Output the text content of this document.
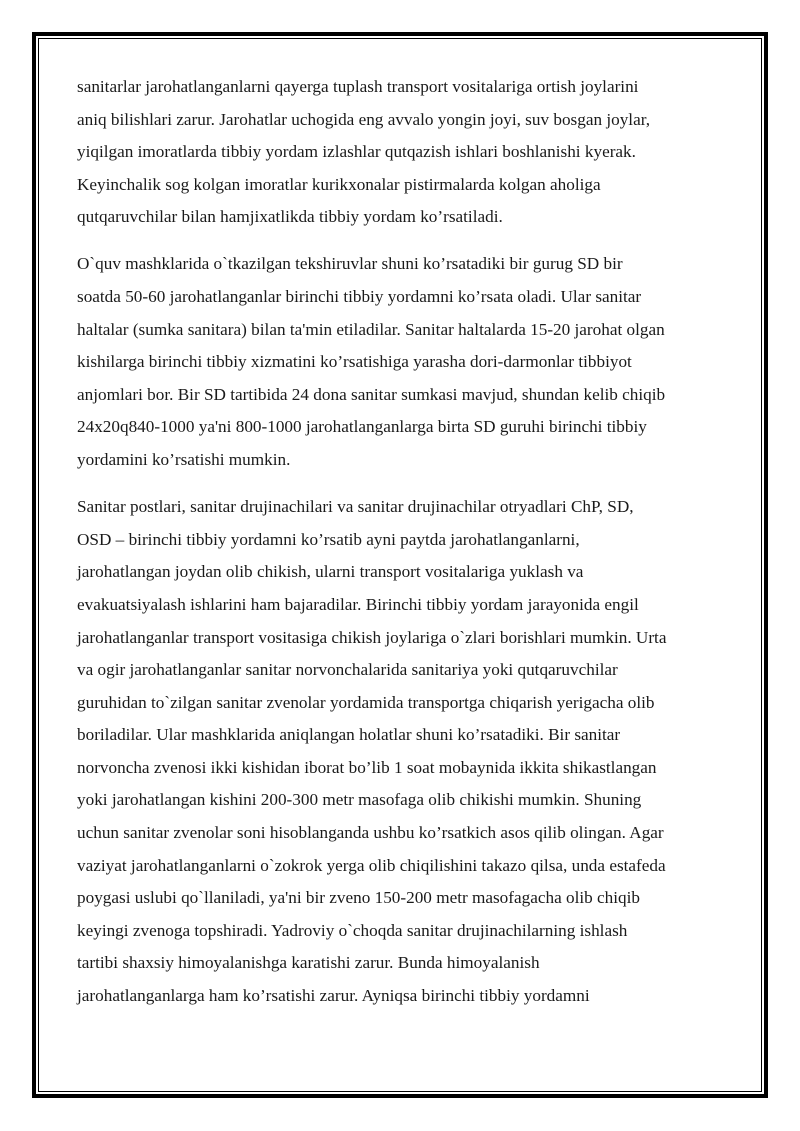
sanitarlar jarohatlanganlarni qayerga tuplash transport vositalariga ortish joylarini
aniq bilishlari zarur. Jarohatlar uchogida eng avvalo yongin joyi, suv bosgan joylar,
yiqilgan imoratlarda tibbiy yordam izlashlar qutqazish ishlari boshlanishi kyerak.
Keyinchalik sog kolgan imoratlar kurikxonalar pistirmalarda kolgan aholiga
qutqaruvchilar bilan hamjixatlikda tibbiy yordam ko’rsatiladi.

O`quv mashklarida o`tkazilgan tekshiruvlar shuni ko’rsatadiki bir gurug SD bir
soatda 50-60 jarohatlanganlar birinchi tibbiy yordamni ko’rsata oladi. Ular sanitar
haltalar (sumka sanitara) bilan ta'min etiladilar. Sanitar haltalarda 15-20 jarohat olgan
kishilarga birinchi tibbiy xizmatini ko’rsatishiga yarasha dori-darmonlar tibbiyot
anjomlari bor. Bir SD tartibida 24 dona sanitar sumkasi mavjud, shundan kelib chiqib
24x20q840-1000 ya'ni 800-1000 jarohatlanganlarga birta SD guruhi birinchi tibbiy
yordamini ko’rsatishi mumkin.

Sanitar postlari, sanitar drujinachilari va sanitar drujinachilar otryadlari ChP, SD,
OSD – birinchi tibbiy yordamni ko’rsatib ayni paytda jarohatlanganlarni,
jarohatlangan joydan olib chikish, ularni transport vositalariga yuklash va
evakuatsiyalash ishlarini ham bajaradilar. Birinchi tibbiy yordam jarayonida engil
jarohatlanganlar transport vositasiga chikish joylariga o`zlari borishlari mumkin. Urta
va ogir jarohatlanganlar sanitar norvonchalarida sanitariya yoki qutqaruvchilar
guruhidan to`zilgan sanitar zvenolar yordamida transportga chiqarish yerigacha olib
boriladilar. Ular mashklarida aniqlangan holatlar shuni ko’rsatadiki. Bir sanitar
norvoncha zvenosi ikki kishidan iborat bo’lib 1 soat mobaynida ikkita shikastlangan
yoki jarohatlangan kishini 200-300 metr masofaga olib chikishi mumkin. Shuning
uchun sanitar zvenolar soni hisoblanganda ushbu ko’rsatkich asos qilib olingan. Agar
vaziyat jarohatlanganlarni o`zokrok yerga olib chiqilishini takazo qilsa, unda estafeda
poygasi uslubi qo`llaniladi, ya'ni bir zveno 150-200 metr masofagacha olib chiqib
keyingi zvenoga topshiradi. Yadroviy o`choqda sanitar drujinachilarning ishlash
tartibi shaxsiy himoyalanishga karatishi zarur. Bunda himoyalanish
jarohatlanganlarga ham ko’rsatishi zarur. Ayniqsa birinchi tibbiy yordamni
